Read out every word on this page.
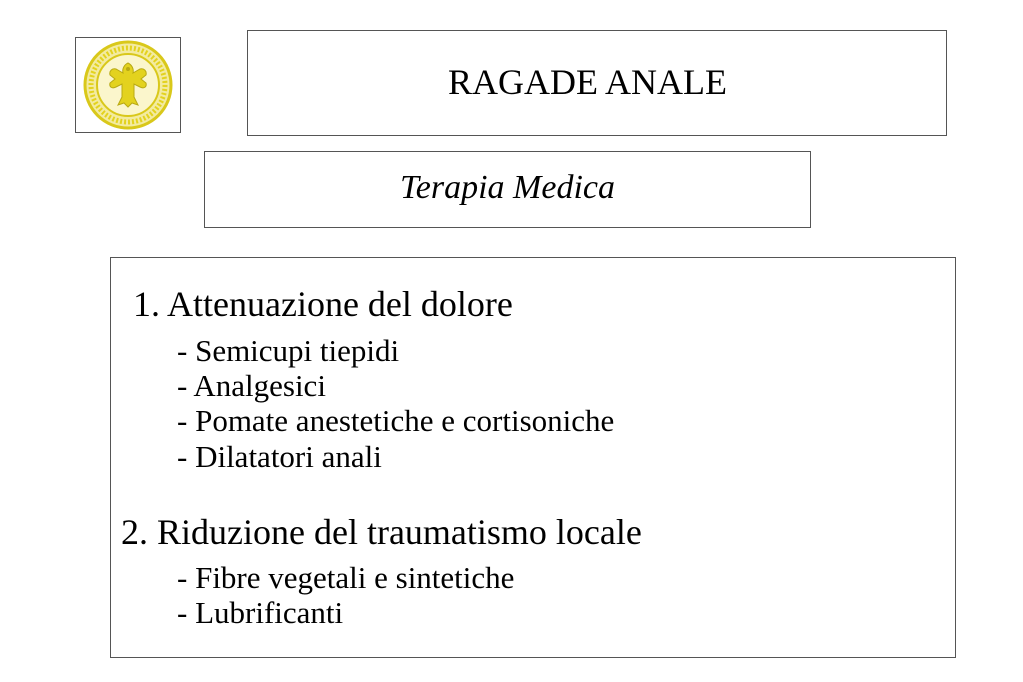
RAGADE ANALE
Terapia Medica
1. Attenuazione del dolore
- Semicupi tiepidi
- Analgesici
- Pomate anestetiche e cortisoniche
- Dilatatori anali
2. Riduzione del traumatismo locale
- Fibre vegetali e sintetiche
- Lubrificanti
